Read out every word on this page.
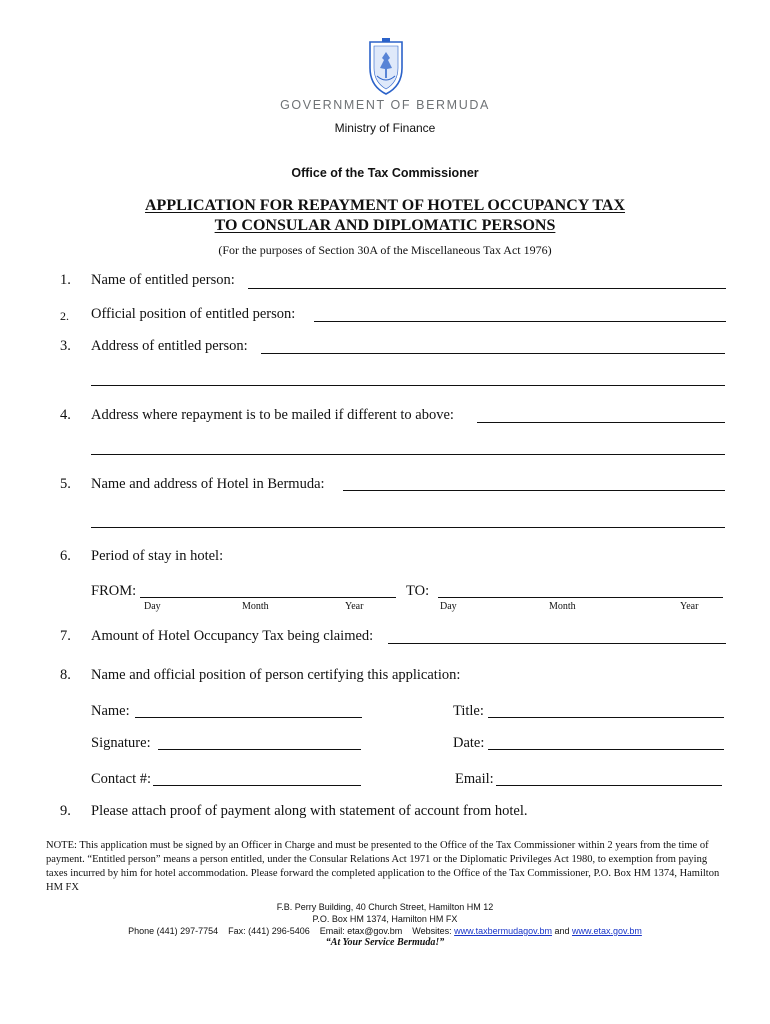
GOVERNMENT OF BERMUDA
Ministry of Finance
Office of the Tax Commissioner
APPLICATION FOR REPAYMENT OF HOTEL OCCUPANCY TAX
TO CONSULAR AND DIPLOMATIC PERSONS
(For the purposes of Section 30A of the Miscellaneous Tax Act 1976)
1.	Name of entitled person:
2.	Official position of entitled person:
3.	Address of entitled person:
4.	Address where repayment is to be mailed if different to above:
5.	Name and address of Hotel in Bermuda:
6.	Period of stay in hotel:
FROM:	TO:
Day	Month	Year	Day	Month	Year
7.	Amount of Hotel Occupancy Tax being claimed:
8.	Name and official position of person certifying this application:
Name:	Title:
Signature:	Date:
Contact #:	Email:
9.	Please attach proof of payment along with statement of account from hotel.
NOTE: This application must be signed by an Officer in Charge and must be presented to the Office of the Tax Commissioner within 2 years from the time of payment. “Entitled person” means a person entitled, under the Consular Relations Act 1971 or the Diplomatic Privileges Act 1980, to exemption from paying taxes incurred by him for hotel accommodation. Please forward the completed application to the Office of the Tax Commissioner, P.O. Box HM 1374, Hamilton HM FX
F.B. Perry Building, 40 Church Street, Hamilton HM 12
P.O. Box HM 1374, Hamilton HM FX
Phone (441) 297-7754    Fax: (441) 296-5406    Email: etax@gov.bm    Websites: www.taxbermudagov.bm and www.etax.gov.bm
“At Your Service Bermuda!”
